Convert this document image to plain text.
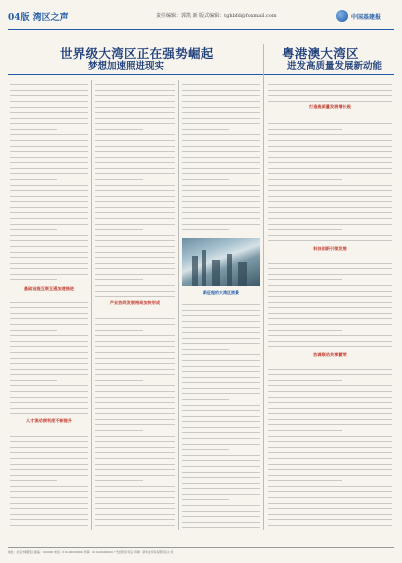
04版 湾区之声	责任编辑：郭凯 新 版式编辑：tghbfd@foxmail.com	中国基建报
世界级大湾区正在强势崛起
梦想加速照进现实
粤港澳大湾区
进发高质量发展新动能
基础设施互联互通加速推进
人才流动便利度不断提升
产业协同发展格局加快形成
新征程的大湾区图景
打造高质量发展增长极
科技创新引领发展
协调联动共享繁荣
地址：北京市朝阳区 邮编：100000 电话：010-00000000 传真：010-00000000 广告经营许可证 印刷：新华社印务有限责任公司
